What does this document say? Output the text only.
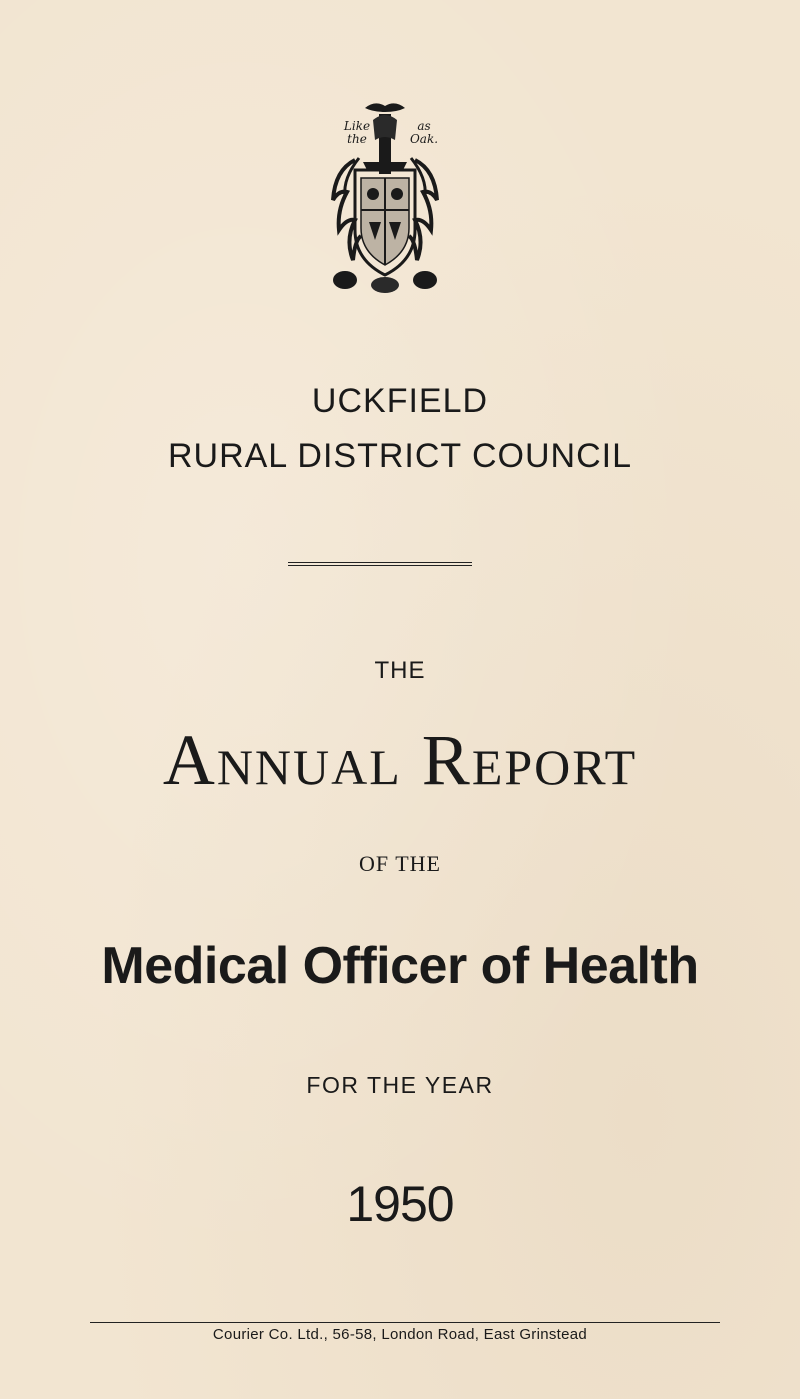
Like the
as Oak.
UCKFIELD
RURAL DISTRICT COUNCIL
THE
Annual Report
OF THE
Medical Officer of Health
FOR THE YEAR
1950
Courier Co. Ltd., 56-58, London Road, East Grinstead
